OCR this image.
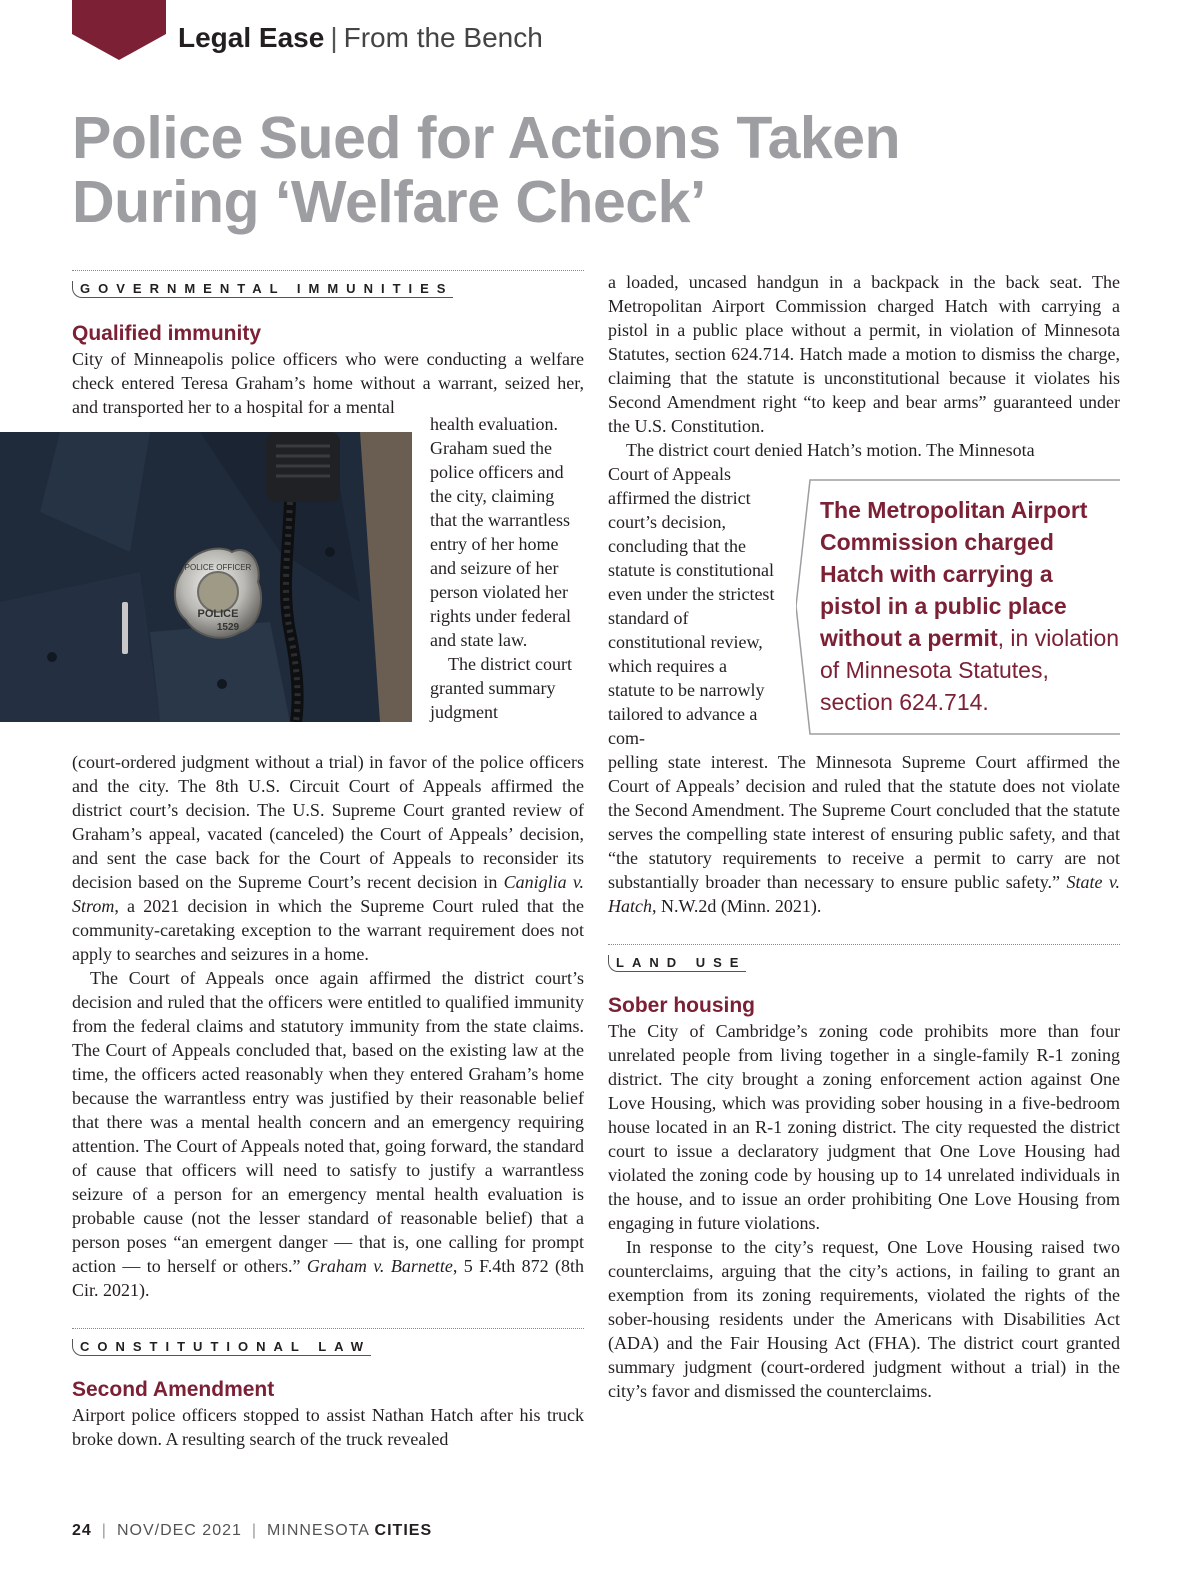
Legal Ease | From the Bench
Police Sued for Actions Taken
During ‘Welfare Check’
GOVERNMENTAL IMMUNITIES
Qualified immunity

City of Minneapolis police officers who were conducting a welfare check entered Teresa Graham’s home without a warrant, seized her, and transported her to a hospital for a mental

POLICE OFFICER
POLICE
1529

health evaluation. Graham sued the police officers and the city, claiming that the warrantless entry of her home and seizure of her person violated her rights under federal and state law.

The district court granted summary judgment

(court-ordered judgment without a trial) in favor of the police officers and the city. The 8th U.S. Circuit Court of Appeals affirmed the district court’s decision. The U.S. Supreme Court granted review of Graham’s appeal, vacated (canceled) the Court of Appeals’ decision, and sent the case back for the Court of Appeals to reconsider its decision based on the Supreme Court’s recent decision in Caniglia v. Strom, a 2021 decision in which the Supreme Court ruled that the community-caretaking exception to the warrant requirement does not apply to searches and seizures in a home.

The Court of Appeals once again affirmed the district court’s decision and ruled that the officers were entitled to qualified immunity from the federal claims and statutory immunity from the state claims. The Court of Appeals concluded that, based on the existing law at the time, the officers acted reasonably when they entered Graham’s home because the warrantless entry was justified by their reasonable belief that there was a mental health concern and an emergency requiring attention. The Court of Appeals noted that, going forward, the standard of cause that officers will need to satisfy to justify a warrantless seizure of a person for an emergency mental health evaluation is probable cause (not the lesser standard of reasonable belief) that a person poses “an emergent danger — that is, one calling for prompt action — to herself or others.” Graham v. Barnette, 5 F.4th 872 (8th Cir. 2021).

CONSTITUTIONAL LAW
Second Amendment

Airport police officers stopped to assist Nathan Hatch after his truck broke down. A resulting search of the truck revealed

a loaded, uncased handgun in a backpack in the back seat. The Metropolitan Airport Commission charged Hatch with carrying a pistol in a public place without a permit, in violation of Minnesota Statutes, section 624.714. Hatch made a motion to dismiss the charge, claiming that the statute is unconstitutional because it violates his Second Amendment right “to keep and bear arms” guaranteed under the U.S. Constitution.

The district court denied Hatch’s motion. The Minnesota

Court of Appeals affirmed the district court’s decision, concluding that the statute is constitutional even under the strictest standard of constitutional review, which requires a statute to be narrowly tailored to advance a com-

The Metropolitan Airport Commission charged Hatch with carrying a pistol in a public place without a permit, in violation of Minnesota Statutes, section 624.714.

pelling state interest. The Minnesota Supreme Court affirmed the Court of Appeals’ decision and ruled that the statute does not violate the Second Amendment. The Supreme Court concluded that the statute serves the compelling state interest of ensuring public safety, and that “the statutory requirements to receive a permit to carry are not substantially broader than necessary to ensure public safety.” State v. Hatch, N.W.2d (Minn. 2021).

LAND USE
Sober housing

The City of Cambridge’s zoning code prohibits more than four unrelated people from living together in a single-family R-1 zoning district. The city brought a zoning enforcement action against One Love Housing, which was providing sober housing in a five-bedroom house located in an R-1 zoning district. The city requested the district court to issue a declaratory judgment that One Love Housing had violated the zoning code by housing up to 14 unrelated individuals in the house, and to issue an order prohibiting One Love Housing from engaging in future violations.

In response to the city’s request, One Love Housing raised two counterclaims, arguing that the city’s actions, in failing to grant an exemption from its zoning requirements, violated the rights of the sober-housing residents under the Americans with Disabilities Act (ADA) and the Fair Housing Act (FHA). The district court granted summary judgment (court-ordered judgment without a trial) in the city’s favor and dismissed the counterclaims.

24 | NOV/DEC 2021 | MINNESOTA CITIES
